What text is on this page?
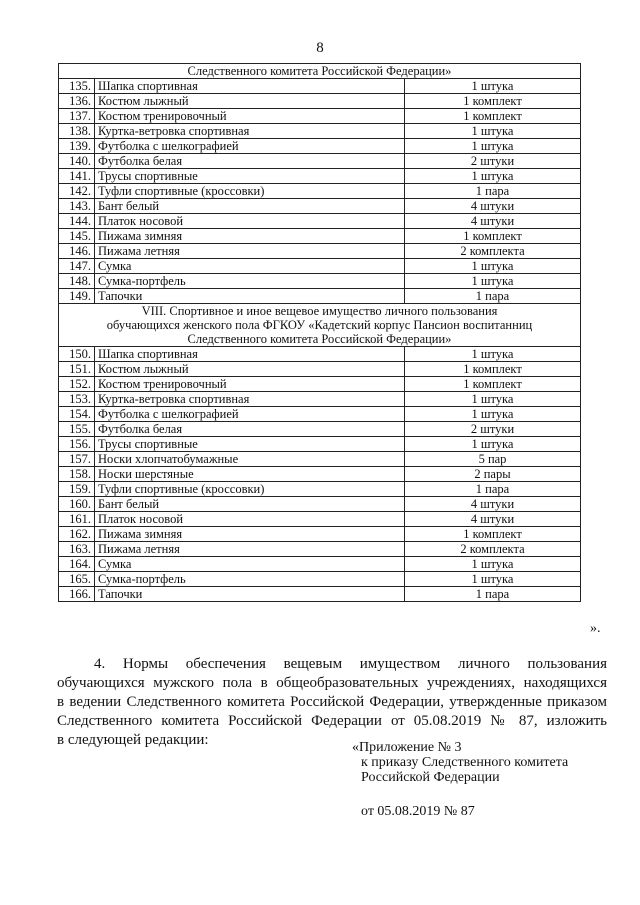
8
Следственного комитета Российской Федерации»		
135.	Шапка спортивная	1 штука
136.	Костюм лыжный	1 комплект
137.	Костюм тренировочный	1 комплект
138.	Куртка-ветровка спортивная	1 штука
139.	Футболка с шелкографией	1 штука
140.	Футболка белая	2 штуки
141.	Трусы спортивные	1 штука
142.	Туфли спортивные (кроссовки)	1 пара
143.	Бант белый	4 штуки
144.	Платок носовой	4 штуки
145.	Пижама зимняя	1 комплект
146.	Пижама летняя	2 комплекта
147.	Сумка	1 штука
148.	Сумка-портфель	1 штука
149.	Тапочки	1 пара

VIII. Спортивное и иное вещевое имущество личного пользования
обучающихся женского пола ФГКОУ «Кадетский корпус Пансион воспитанниц
Следственного комитета Российской Федерации»		

150.	Шапка спортивная	1 штука
151.	Костюм лыжный	1 комплект
152.	Костюм тренировочный	1 комплект
153.	Куртка-ветровка спортивная	1 штука
154.	Футболка с шелкографией	1 штука
155.	Футболка белая	2 штуки
156.	Трусы спортивные	1 штука
157.	Носки хлопчатобумажные	5 пар
158.	Носки шерстяные	2 пары
159.	Туфли спортивные (кроссовки)	1 пара
160.	Бант белый	4 штуки
161.	Платок носовой	4 штуки
162.	Пижама зимняя	1 комплект
163.	Пижама летняя	2 комплекта
164.	Сумка	1 штука
165.	Сумка-портфель	1 штука
166.	Тапочки	1 пара
».
4. Нормы обеспечения вещевым имуществом личного пользования
обучающихся мужского пола в общеобразовательных учреждениях, находящихся
в ведении Следственного комитета Российской Федерации, утвержденные приказом
Следственного комитета Российской Федерации от 05.08.2019 № 87, изложить
в следующей редакции:	«Приложение № 3
к приказу Следственного комитета
Российской Федерации
от 05.08.2019 № 87
